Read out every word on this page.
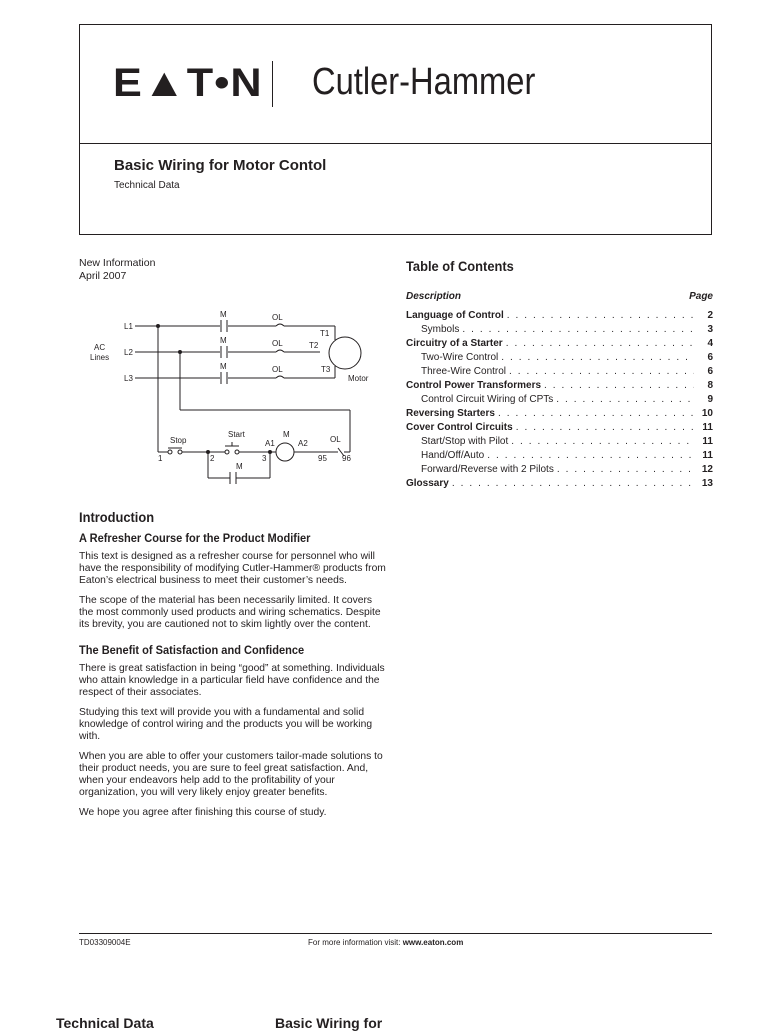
E▲T•N Cutler-Hammer
Basic Wiring for Motor Contol
Technical Data
New Information
April 2007
L1
L2
L3
AC
Lines
M
M
M
OL
OL
OL
T1
T2
T3
Motor
Stop
Start
A1
M
A2	OL
M
1	2	3	95 96
Introduction
A Refresher Course for the Product Modifier

This text is designed as a refresher course for personnel who will have the responsibility of modifying Cutler-Hammer® products from Eaton’s electrical business to meet their customer’s needs.

The scope of the material has been necessarily limited. It covers the most commonly used products and wiring schematics. Despite its brevity, you are cautioned not to skim lightly over the content.

The Benefit of Satisfaction and Confidence

There is great satisfaction in being “good” at something. Individuals who attain knowledge in a particular field have confidence and the respect of their associates.

Studying this text will provide you with a fundamental and solid knowledge of control wiring and the products you will be working with.

When you are able to offer your customers tailor-made solutions to their product needs, you are sure to feel great satisfaction. And, when your endeavors help add to the profitability of your organization, you will very likely enjoy greater benefits.

We hope you agree after finishing this course of study.

Table of Contents
Description	Page
Language of Control . . .	2
Symbols . . .	3
Circuitry of a Starter . . .	4
Two-Wire Control . . .	6
Three-Wire Control . . .	6
Control Power Transformers . . .	8
Control Circuit Wiring of CPTs . . .	9
Reversing Starters . . .	10
Cover Control Circuits . . .	11
Start/Stop with Pilot . . .	11
Hand/Off/Auto . . .	11
Forward/Reverse with 2 Pilots . . .	12
Glossary . . .	13
TD03309004E	For more information visit: www.eaton.com
Technical Data	Basic Wiring for
